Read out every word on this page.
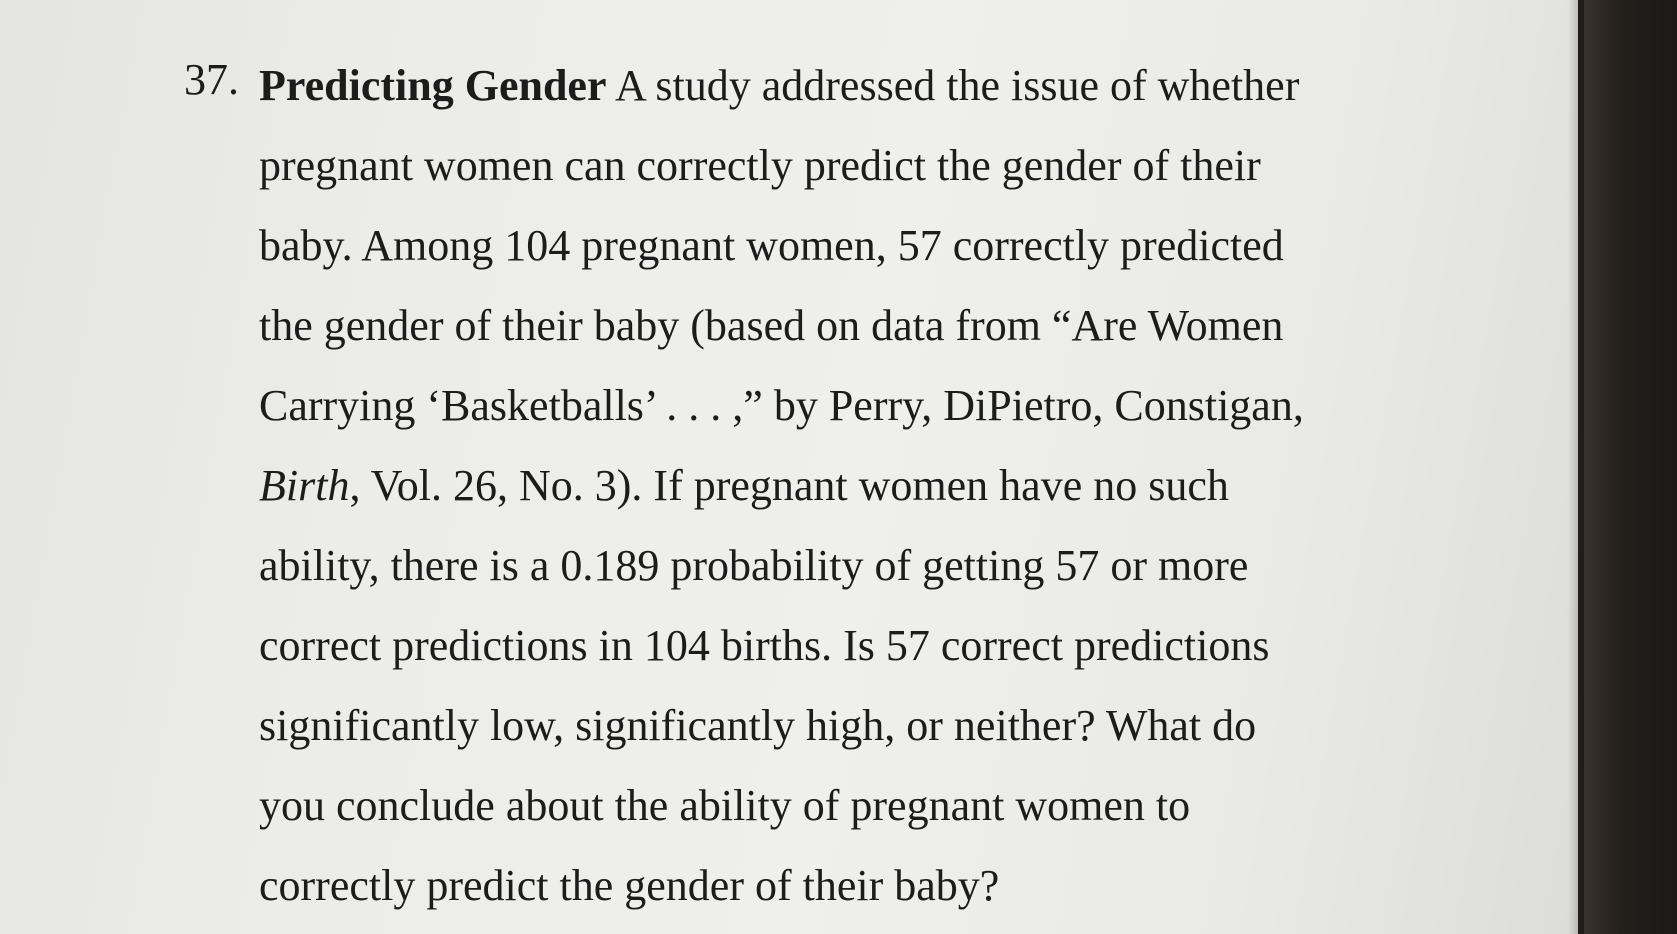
37. Predicting Gender A study addressed the issue of whether
pregnant women can correctly predict the gender of their
baby. Among 104 pregnant women, 57 correctly predicted
the gender of their baby (based on data from “Are Women
Carrying ‘Basketballs’ . . . ,” by Perry, DiPietro, Constigan,
Birth, Vol. 26, No. 3). If pregnant women have no such
ability, there is a 0.189 probability of getting 57 or more
correct predictions in 104 births. Is 57 correct predictions
significantly low, significantly high, or neither? What do
you conclude about the ability of pregnant women to
correctly predict the gender of their baby?
